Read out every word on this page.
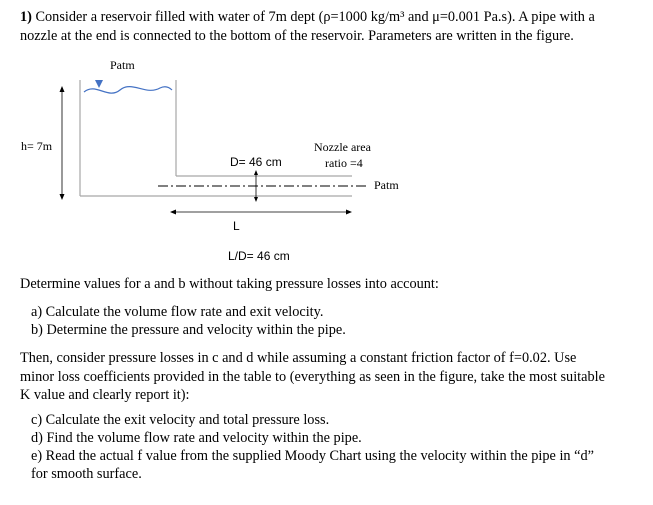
1) Consider a reservoir filled with water of 7m dept (ρ=1000 kg/m³ and μ=0.001 Pa.s). A pipe with a
nozzle at the end is connected to the bottom of the reservoir. Parameters are written in the figure.
Patm
h= 7m	Nozzle area
ratio =4
D= 46 cm
Patm
L
L/D= 46 cm
Determine values for a and b without taking pressure losses into account:
a) Calculate the volume flow rate and exit velocity.
b) Determine the pressure and velocity within the pipe.
Then, consider pressure losses in c and d while assuming a constant friction factor of f=0.02. Use
minor loss coefficients provided in the table to (everything as seen in the figure, take the most suitable
K value and clearly report it):
c) Calculate the exit velocity and total pressure loss.
d) Find the volume flow rate and velocity within the pipe.
e) Read the actual f value from the supplied Moody Chart using the velocity within the pipe in “d”
for smooth surface.
